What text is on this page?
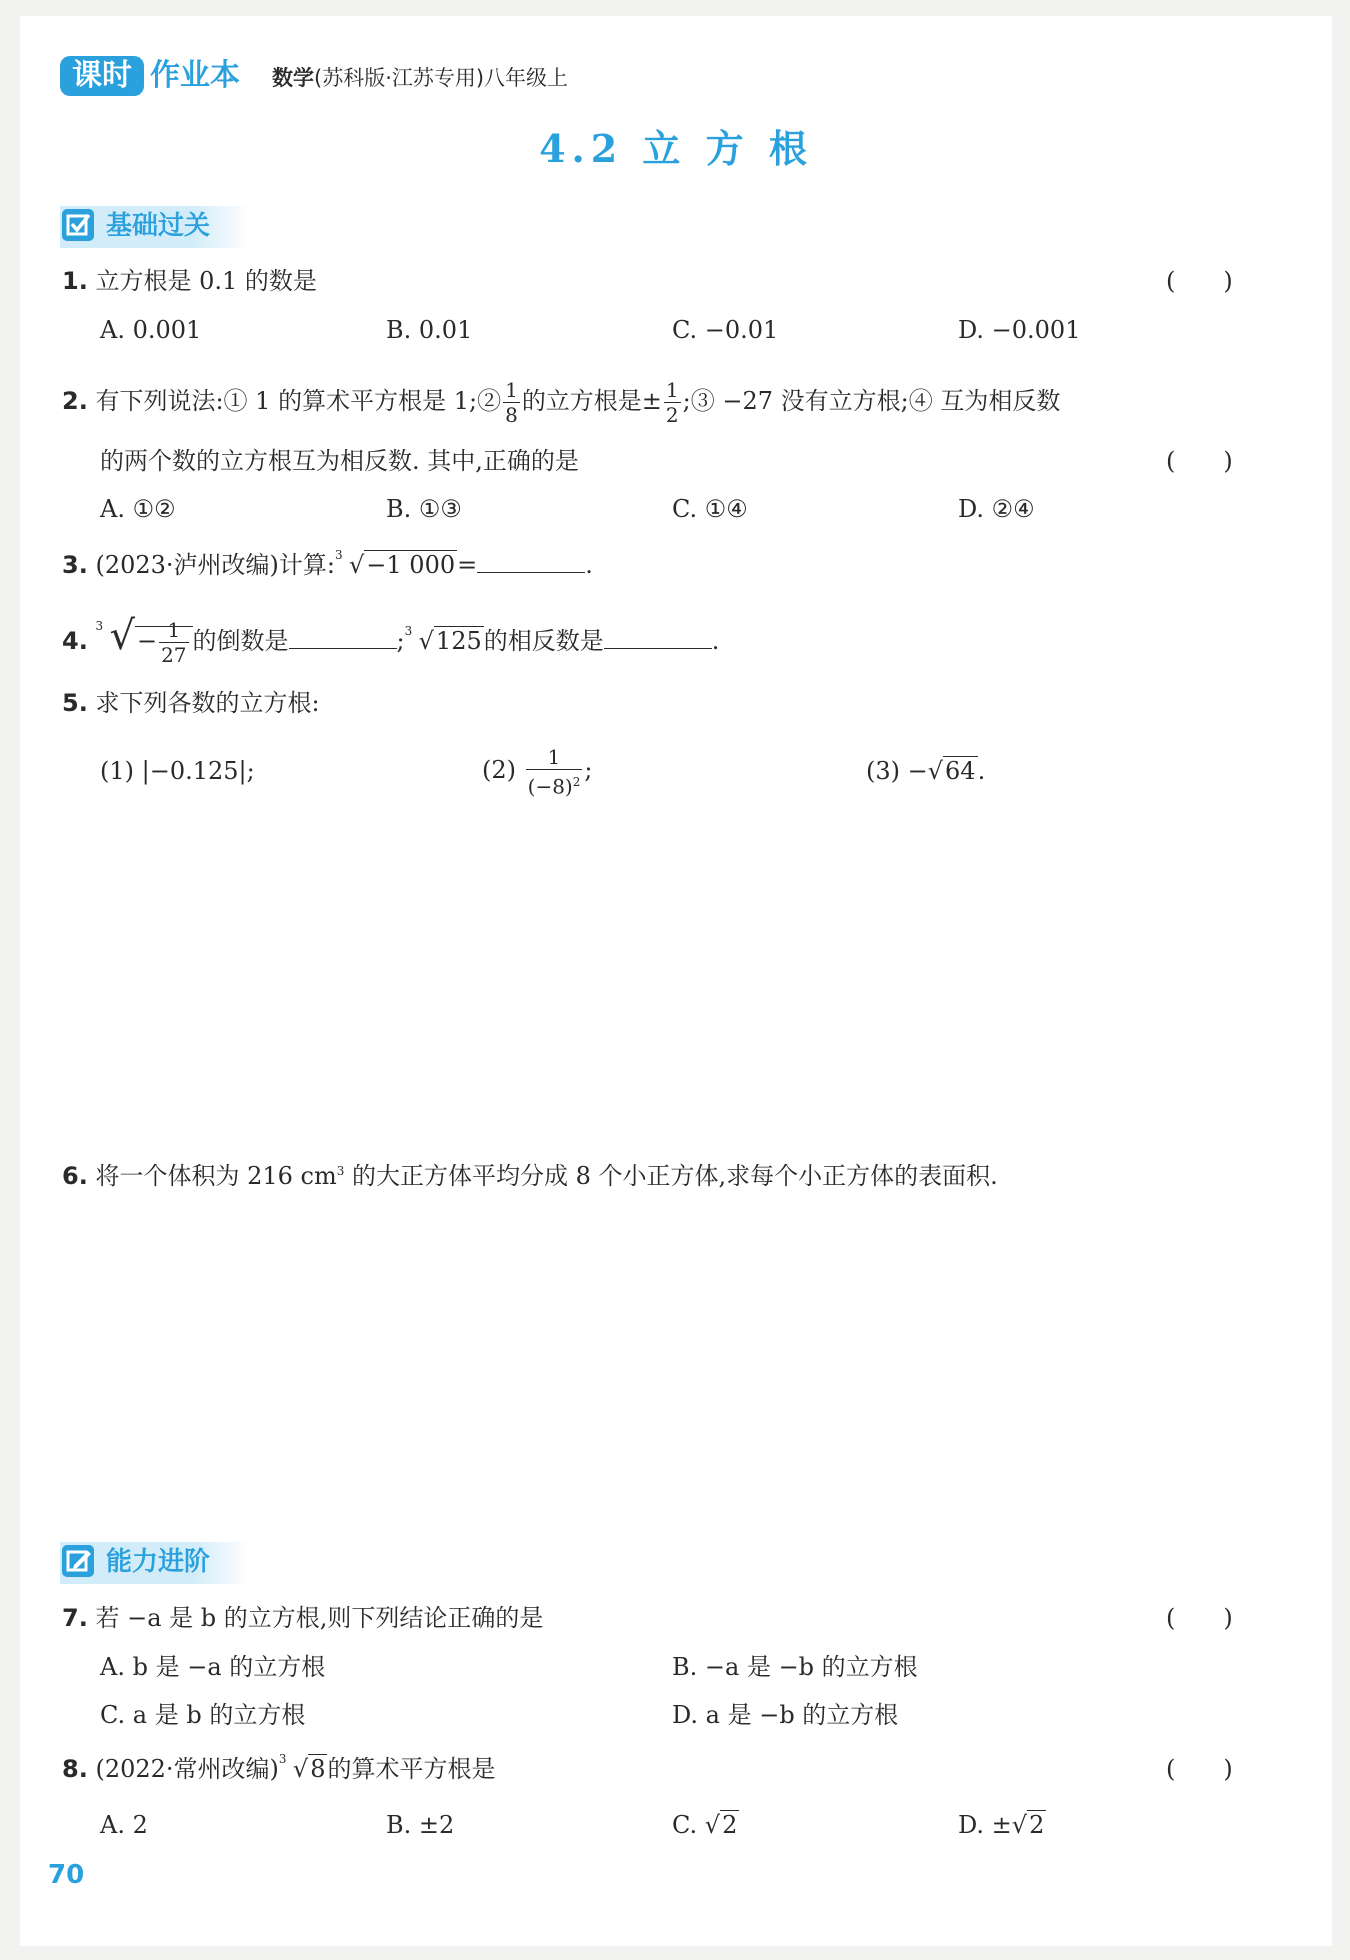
课时 作业本 数学(苏科版·江苏专用)八年级上
4.2 立 方 根
基础过关
1. 立方根是 0.1 的数是	(　　)
A. 0.001	B. 0.01	C. −0.01	D. −0.001
2. 有下列说法:① 1 的算术平方根是 1;② $\frac{1}{8}$ 的立方根是± $\frac{1}{2}$ ;③ −27 没有立方根;④ 互为相反数
的两个数的立方根互为相反数. 其中,正确的是	(　　)
A. ①②	B. ①③	C. ①④	D. ②④
3. (2023·泸州改编)计算: 3 √−1 000=	.
4.
3 √− $\frac{1}{27}$ 的倒数是	; 3 √125的相反数是	.
5. 求下列各数的立方根:
(1) |−0.125|;	$(2) \frac{1}{(-8)^2}$ ;	(3) −√64.
6. 将一个体积为 216 $cm^3$ 的大正方体平均分成 8 个小正方体,求每个小正方体的表面积.
能力进阶
7. 若 −a 是 b 的立方根,则下列结论正确的是	(　　)
A. b 是 −a 的立方根	B. −a 是 −b 的立方根
C. a 是 b 的立方根	D. a 是 −b 的立方根
8. (2022·常州改编) 3 √8的算术平方根是	(　　)
A. 2	B. ±2	C. √2	D. ±√2
70
